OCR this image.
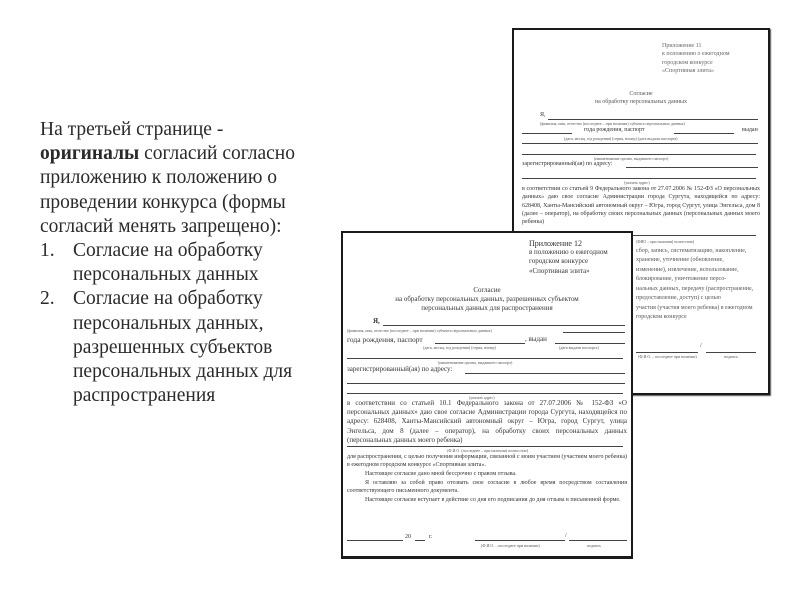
На третьей странице - оригиналы согласий согласно приложению к положению о проведении конкурса (формы согласий менять запрещено):

1. Согласие на обработку персональных данных
2. Согласие на обработку персональных данных, разрешенных субъектов персональных данных для распространения
Приложение 11
к положению о ежегодном
городском конкурсе
«Спортивная элита»
Согласие
на обработку персональных данных
Я,
(фамилия, имя, отчество (последнее – при наличии) субъекта персональных данных)
года рождения, паспорт	выдан
(дата, месяц, год рождения) (серия, номер) (дата выдачи паспорта)
(наименование органа, выдавшего паспорт)
зарегистрированный(ая) по адресу:
(указать адрес)
в соответствии со статьей 9 Федерального закона от 27.07.2006 № 152-ФЗ «О персональных данных» даю свое согласие Администрации города Сургута, находящейся по адресу: 628408, Ханты-Мансийский автономный округ – Югра, город Сургут, улица Энгельса, дом 8 (далее – оператор), на обработку своих персональных данных (персональных данных моего ребенка)
(ФИО – при наличии) полностью)
сбор, запись, систематизацию, накопление, хранение, уточнение (обновление,
изменение), извлечение, использование, блокирование, уничтожение персо-
нальных данных, передачу (распространение, предоставление, доступ) с целью
участия (участия моего ребенка) в ежегодном городском конкурсе
/
(Ф.И.О. – последнее при наличии)	подпись
Приложение 12
в положению о ежегодном
городском конкурсе
«Спортивная элита»
Согласие
на обработку персональных данных, разрешенных субъектом
персональных данных для распространения
Я,
(фамилия, имя, отчество (последнее – при наличии) субъекта персональных данных)
года рождения, паспорт	, выдан
(дата, месяц, год рождения) (серия, номер)	(дата выдачи паспорта)
(наименование органа, выдавшего паспорт)
зарегистрированный(ая) по адресу:
(указать адрес)
в соответствии со статьей 10.1 Федерального закона от 27.07.2006 № 152-ФЗ «О персональных данных» даю свое согласие Администрации города Сургута, находящейся по адресу: 628408, Ханты-Мансийский автономный округ – Югра, город Сургут, улица Энгельса, дом 8 (далее – оператор), на обработку своих персональных данных (персональных данных моего ребенка)
(Ф.И.О. (последнее – при наличии) полностью)
для распространения, с целью получения информации, связанной с моим участием (участием моего ребенка) в ежегодном городском конкурсе «Спортивная элита».
Настоящее согласие дано мной бессрочно с правом отзыва.
Я оставляю за собой право отозвать свое согласие в любое время посредством составления соответствующего письменного документа.
Настоящее согласие вступает в действие со дня его подписания до дня отзыва в письменной форме.
20	г.	/
(Ф.И.О. – последнее при наличии)	подпись
